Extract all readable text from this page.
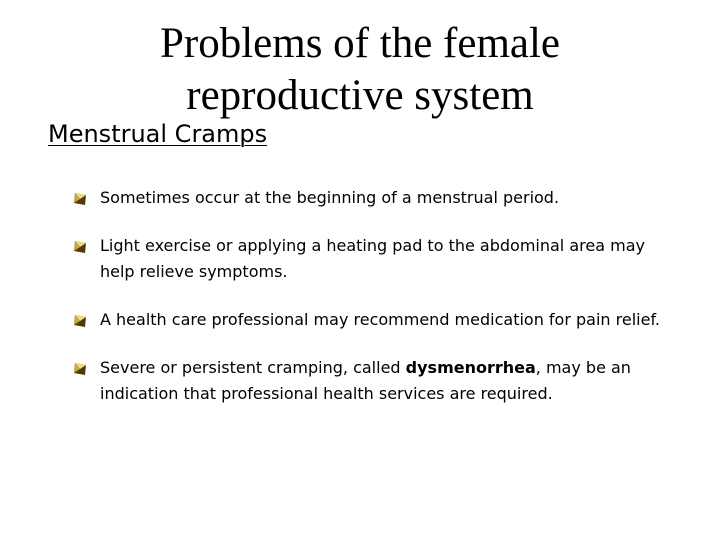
Problems of the female
reproductive system
Menstrual Cramps
Sometimes occur at the beginning of a menstrual period.
Light exercise or applying a heating pad to the abdominal area may help relieve symptoms.
A health care professional may recommend medication for pain relief.
Severe or persistent cramping, called dysmenorrhea, may be an indication that professional health services are required.
